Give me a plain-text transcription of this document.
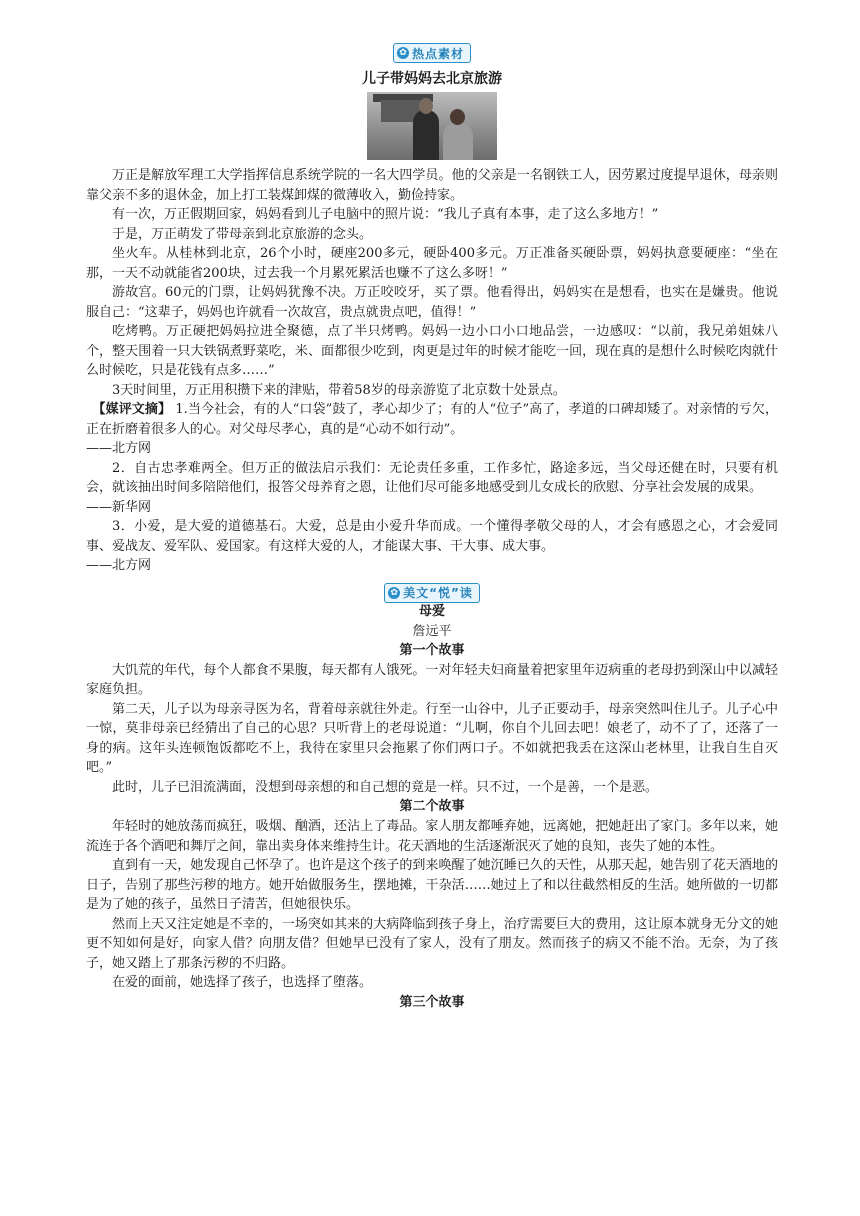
✿ 热点素材
儿子带妈妈去北京旅游

万正是解放军理工大学指挥信息系统学院的一名大四学员。他的父亲是一名钢铁工人，因劳累过度提早退休，母亲则靠父亲不多的退休金，加上打工装煤卸煤的微薄收入，勤俭持家。

有一次，万正假期回家，妈妈看到儿子电脑中的照片说：“我儿子真有本事，走了这么多地方！”

于是，万正萌发了带母亲到北京旅游的念头。

坐火车。从桂林到北京，26个小时，硬座200多元，硬卧400多元。万正准备买硬卧票，妈妈执意要硬座：“坐在那，一天不动就能省200块，过去我一个月累死累活也赚不了这么多呀！”

游故宫。60元的门票，让妈妈犹豫不决。万正咬咬牙，买了票。他看得出，妈妈实在是想看，也实在是嫌贵。他说服自己：“这辈子，妈妈也许就看一次故宫，贵点就贵点吧，值得！”

吃烤鸭。万正硬把妈妈拉进全聚德，点了半只烤鸭。妈妈一边小口小口地品尝，一边感叹：“以前，我兄弟姐妹八个，整天围着一只大铁锅煮野菜吃，米、面都很少吃到，肉更是过年的时候才能吃一回，现在真的是想什么时候吃肉就什么时候吃，只是花钱有点多……”

3天时间里，万正用积攒下来的津贴，带着58岁的母亲游览了北京数十处景点。

【媒评文摘】 1.当今社会，有的人“口袋”鼓了，孝心却少了；有的人“位子”高了，孝道的口碑却矮了。对亲情的亏欠，正在折磨着很多人的心。对父母尽孝心，真的是“心动不如行动”。

——北方网

2．自古忠孝难两全。但万正的做法启示我们：无论责任多重，工作多忙，路途多远，当父母还健在时，只要有机会，就该抽出时间多陪陪他们，报答父母养育之恩，让他们尽可能多地感受到儿女成长的欣慰、分享社会发展的成果。

——新华网

3．小爱，是大爱的道德基石。大爱，总是由小爱升华而成。一个懂得孝敬父母的人，才会有感恩之心，才会爱同事、爱战友、爱军队、爱国家。有这样大爱的人，才能谋大事、干大事、成大事。

——北方网
✿ 美文“悦”读
母爱
詹远平
第一个故事

大饥荒的年代，每个人都食不果腹，每天都有人饿死。一对年轻夫妇商量着把家里年迈病重的老母扔到深山中以减轻家庭负担。

第二天，儿子以为母亲寻医为名，背着母亲就往外走。行至一山谷中，儿子正要动手，母亲突然叫住儿子。儿子心中一惊，莫非母亲已经猜出了自己的心思？只听背上的老母说道：“儿啊，你自个儿回去吧！娘老了，动不了了，还落了一身的病。这年头连顿饱饭都吃不上，我待在家里只会拖累了你们两口子。不如就把我丢在这深山老林里，让我自生自灭吧。”

此时，儿子已泪流满面，没想到母亲想的和自己想的竟是一样。只不过，一个是善，一个是恶。

第二个故事

年轻时的她放荡而疯狂，吸烟、酗酒，还沾上了毒品。家人朋友都唾弃她，远离她，把她赶出了家门。多年以来，她流连于各个酒吧和舞厅之间，靠出卖身体来维持生计。花天酒地的生活逐渐泯灭了她的良知，丧失了她的本性。

直到有一天，她发现自己怀孕了。也许是这个孩子的到来唤醒了她沉睡已久的天性，从那天起，她告别了花天酒地的日子，告别了那些污秽的地方。她开始做服务生，摆地摊，干杂活……她过上了和以往截然相反的生活。她所做的一切都是为了她的孩子，虽然日子清苦，但她很快乐。

然而上天又注定她是不幸的，一场突如其来的大病降临到孩子身上，治疗需要巨大的费用，这让原本就身无分文的她更不知如何是好，向家人借？向朋友借？但她早已没有了家人，没有了朋友。然而孩子的病又不能不治。无奈，为了孩子，她又踏上了那条污秽的不归路。

在爱的面前，她选择了孩子，也选择了堕落。

第三个故事
